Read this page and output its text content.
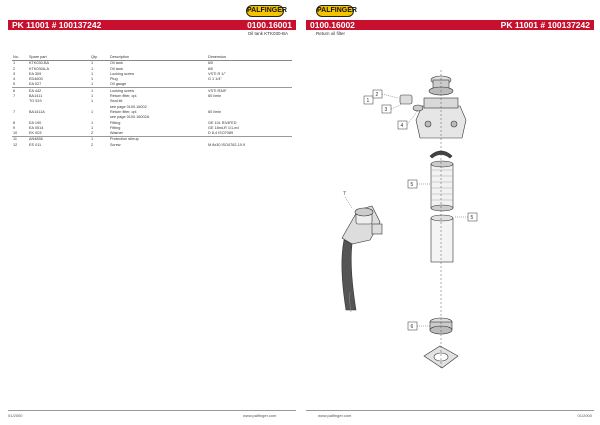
PALFINGER	PALFINGER
PK 11001 # 100137242	0100.16001 0100.16002	PK 11001 # 100137242
Oil tank KTK030-BA	Return oil filter
No.	Spare part	Qty.	Description	Dimension
1	KTK030-BA	1	Oil tank	60l
2	KTK030A-A	1	Oil tank	60l
3	EA 309	1	Locking screw	VSTI R 1/"
4	ED4600	1	Plug	G 1 1/4"
5	EA 027	1	Oil gauge	
6	EA 442	1	Locking screw	VSTI R3/8"
7	BA1411	1	Return filter, cpl.	60 l/min
	TO 519	1	Seal kit	
			see page 0100.16002	
7	BA1411A	1	Return filter, cpl.	60 l/min
			see page 0100.16002A	
8	EA 190	1	Fitting	GE 10L R3/8"ED
9	EA 0514	1	Fitting	GE 18mLR 1/1-ed
10	EK 003	2	Washer	D 8,4 ISO7089
11	AN4856	1	Protection stirrup	
12	ES 011	2	Screw	M 8x30 ISO4762-10.9
7
1
2
3
4
5
5
6
01/2000	www.palfinger.com	www.palfinger.com	01/2000
